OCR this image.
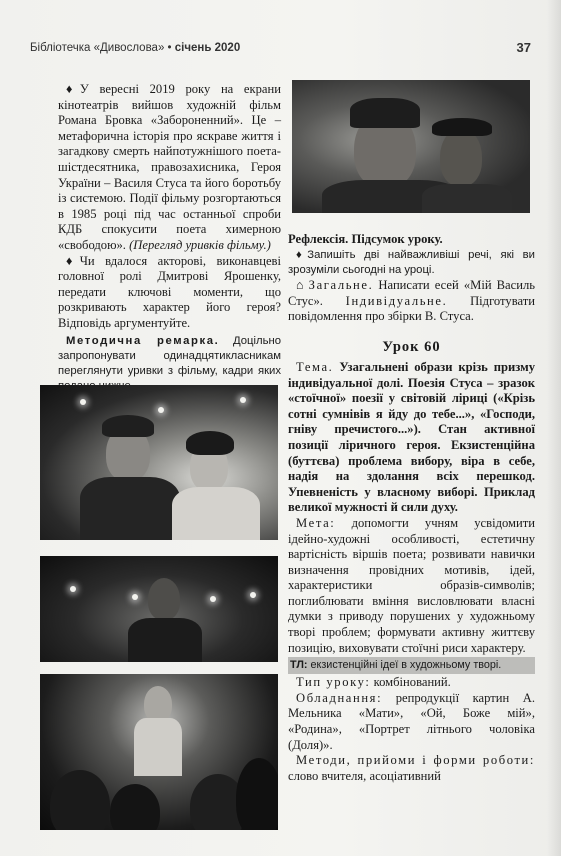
Бібліотечка «Дивослова» • січень 2020	37

♦У вересні 2019 року на екрани кінотеатрів вийшов художній фільм Романа Бровка «Забороненний». Це – метафорична історія про яскраве життя і загадкову смерть найпотужнішого поета-шістдесятника, правозахисника, Героя України – Василя Стуса та його боротьбу із системою. Події фільму розгортаються в 1985 році під час останньої спроби КДБ спокусити поета химерною «свободою». (Перегляд уривків фільму.)

♦Чи вдалося акторові, виконавцеві головної ролі Дмитрові Ярошенку, передати ключові моменти, що розкривають характер його героя? Відповідь аргументуйте.

Методична ремарка. Доцільно запропонувати одинадцятикласникам переглянути уривки з фільму, кадри яких

Рефлексія. Підсумок уроку.

♦Запишіть дві найважливіші речі, які ви зрозуміли сьогодні на уроці.

⌂ Загальне. Написати есей «Мій Василь Стус». Індивідуальне. Підготувати повідомлення про збірки В. Стуса.

Урок 60

Тема. Узагальнені образи крізь призму індивідуальної долі. Поезія Стуса – зразок «стоїчної» поезії у світовій ліриці («Крізь сотні сумнівів я йду до тебе...», «Господи, гніву пречистого...»). Стан активної позиції ліричного героя. Екзистенційна (буттєва) проблема вибору, віра в себе, надія на здолання всіх перешкод. Упевненість у власному виборі. Приклад великої мужності й сили духу.

Мета: допомогти учням усвідомити ідейно-художні особливості, естетичну вартісність віршів поета; розвивати навички визначення провідних мотивів, ідей, характеристики образів-символів; поглиблювати вміння висловлювати власні думки з приводу порушених у художньому творі проблем; формувати активну життєву позицію, виховувати стоїчні риси характеру.

ТЛ: екзистенційні ідеї в художньому творі.

Тип уроку: комбінований.

Обладнання: репродукції картин А. Мельника «Мати», «Ой, Боже мій», «Родина», «Портрет літнього чоловіка (Доля)».

Методи, прийоми і форми роботи: слово вчителя, асоціативний
